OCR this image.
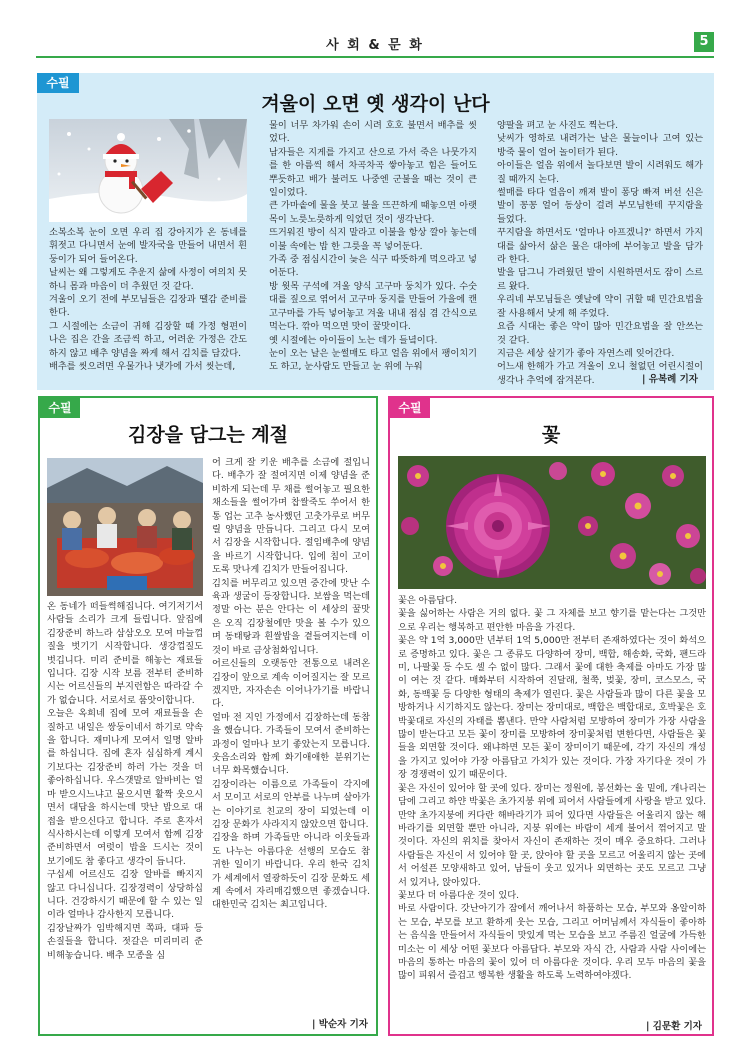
사 회 & 문 화	5
수필
겨울이 오면 옛 생각이 난다

소복소복 눈이 오면 우리 집 강아지가 온 동네를 휘젓고 다니면서 눈에 발자국을 만들어 내면서 흰둥이가 되어 들어온다.

날씨는 왜 그렇게도 추운지 삶에 사정이 여의치 못하니 몸과 마음이 더 추웠던 것 같다.

겨울이 오기 전에 부모님들은 김장과 땔감 준비를 한다.

그 시절에는 소금이 귀해 김장할 때 가정 형편이 나은 집은 간을 조금씩 하고, 어려운 가정은 간도 하지 않고 배추 양념을 짜게 해서 김치를 담갔다.

배추를 씻으려면 우물가나 냇가에 가서 씻는데,

물이 너무 차가워 손이 시려 호호 불면서 배추를 씻었다.

남자들은 지게를 가지고 산으로 가서 죽은 나뭇가지를 한 아름씩 해서 차곡차곡 쌓아놓고 힘은 들어도 뿌듯하고 배가 불러도 나중엔 군불을 때는 것이 큰 일이었다.

큰 가마솥에 물을 붓고 불을 뜨끈하게 때놓으면 아랫목이 노릇노릇하게 익었던 것이 생각난다.

뜨거워진 방이 식지 말라고 이불을 항상 깔아 놓는데 이불 속에는 밥 한 그릇을 꼭 넣어둔다.

가족 중 점심시간이 늦은 식구 따뜻하게 먹으라고 넣어둔다.

방 윗목 구석에 겨울 양식 고구마 둥치가 있다. 수숫대를 짚으로 엮어서 고구마 둥지를 만들어 가을에 캔 고구마를 가득 넣어놓고 겨울 내내 점심 겸 간식으로 먹는다. 깎아 먹으면 맛이 꿀맛이다.

옛 시절에는 아이들이 노는 데가 들녘이다.

눈이 오는 날은 눈썰매도 타고 얼음 위에서 팽이치기도 하고, 눈사람도 만들고 눈 위에 누워

양팔을 펴고 눈 사진도 찍는다.

낮씨가 영하로 내려가는 날은 물늘이나 고여 있는 방죽 물이 얼어 놀이터가 된다.

아이들은 얼음 위에서 놀다보면 발이 시려워도 해가 질 때까지 논다.

썰매를 타다 얼음이 깨져 발이 퐁당 빠져 버선 신은 발이 꽁꽁 얼어 동상이 걸려 부모님한테 꾸지람을 들었다.

꾸지람을 하면서도 '얼마나 아프겠니?' 하면서 가지 대를 삶아서 삶은 물은 대야에 부어놓고 발을 담가라 한다.

발을 담그니 가려웠던 발이 시원하면서도 잠이 스르르 왔다.

우리네 부모님들은 옛날에 약이 귀할 때 민간요법을 잘 사용해서 낫게 해 주었다.

요즘 시대는 좋은 약이 많아 민간요법을 잘 안쓰는 것 같다.

지금은 세상 살기가 좋아 자연스레 잊어간다.

어느새 한해가 가고 겨울이 오니 철없던 어린시절이 생각나 추억에 잠겨본다.	| 유복례 기자
수필
김장을 담그는 계절

온 동네가 떠들썩해집니다. 여기저기서 사람들 소리가 크게 들립니다. 앞집에 김장준비 하느라 삼삼오오 모여 마늘껍질을 벗기기 시작합니다. 생강껍질도 벗깁니다. 미리 준비를 해놓는 재료들입니다. 김장 시작 보름 전부터 준비하시는 어르신들의 부지런함은 따라갈 수가 없습니다. 서로서로 품앗이합니다.

오늘은 옥희네 집에 모여 재료들을 손질하고 내일은 쌍둥이네서 하기로 약속을 합니다. 재미나게 모여서 일명 알바를 하십니다. 집에 혼자 심심하게 계시기보다는 김장준비 하러 가는 것을 더 좋아하십니다. 우스갯말로 알바비는 얼마 받으시느냐고 물으시면 활짝 웃으시면서 대답을 하시는데 맛난 밥으로 대접을 받으신다고 합니다. 주로 혼자서 식사하시는데 이렇게 모여서 함께 김장준비하면서 여럿이 밥을 드시는 것이 보기에도 참 좋다고 생각이 듭니다.

구십세 어르신도 김장 알바를 빠지지 않고 다니십니다. 김장경력이 상당하십니다. 건강하시기 때문에 할 수 있는 일이라 얼마나 감사한지 모릅니다.

김장날짜가 임박해지면 쪽파, 대파 등 손질들을 합니다. 젓갈은 미리미리 준비해놓습니다. 배추 모종을 심

어 크게 잘 키운 배추를 소금에 절입니다. 배추가 잘 절여지면 이제 양념을 준비하게 되는데 무 채를 썰어놓고 필요한 채소들을 썰어가며 찹쌀죽도 쑤어서 한 통 업는 고추 농사했던 고춧가루로 버무릴 양념을 만듭니다. 그리고 다시 모여서 김장을 시작합니다. 절임배추에 양념을 바르기 시작합니다. 입에 침이 고이도록 맛나게 김치가 만들어집니다.

김치를 버무리고 있으면 중간에 맛난 수육과 생굴이 등장합니다. 보쌈을 먹는데 정말 아는 분은 안다는 이 세상의 꿀맛은 오직 김장철에만 맛을 볼 수가 있으며 동태탕과 흰쌀밥을 곁들여지는데 이것이 바로 금상첨화입니다.

어르신들의 오랫동안 전통으로 내려온 김장이 앞으로 계속 이어질지는 잘 모르겠지만, 자자손손 이어나가기를 바랍니다.

얼마 전 지인 가정에서 김장하는데 동참을 했습니다. 가족들이 모여서 준비하는 과정이 얼마나 보기 좋았는지 모릅니다. 웃음소리와 함께 화기애애한 분위기는 너무 화목했습니다.

김장이라는 이름으로 가족들이 각지에서 모이고 서로의 안부를 나누며 살아가는 이야기로 친교의 장이 되었는데 이 김장 문화가 사라지지 않았으면 합니다.

김장을 하며 가족들만 아니라 이웃들과도 나누는 아름다운 선행의 모습도 참 귀한 일이기 바랍니다. 우리 한국 김치가 세계에서 열광하듯이 김장 문화도 세계 속에서 자리매김했으면 좋겠습니다. 대한민국 김치는 최고입니다.

| 박순자 기자
수필
꽃

꽃은 아름답다.

꽃을 싫어하는 사람은 거의 없다. 꽃 그 자체를 보고 향기를 맡는다는 그것만으로 우리는 행복하고 편안한 마음을 가진다.

꽃은 약 1억 3,000만 년부터 1억 5,000만 전부터 존재하였다는 것이 화석으로 증명하고 있다. 꽃은 그 종류도 다양하여 장미, 백합, 해송화, 국화, 팬드라미, 나팔꽃 등 수도 셀 수 없이 많다. 그래서 꽃에 대한 축제를 아마도 가장 많이 여는 것 같다. 매화부터 시작하여 진달래, 철쭉, 벚꽃, 장미, 코스모스, 국화, 동백꽃 등 다양한 형태의 축제가 열린다. 꽃은 사람들과 많이 다른 꽃을 모방하거나 시기하지도 않는다. 장미는 장미대로, 백합은 백합대로, 호박꽃은 호박꽃대로 자신의 자태를 뽐낸다. 만약 사람처럼 모방하여 장미가 가장 사람을 많이 받는다고 모든 꽃이 장미를 모방하여 장미꽃처럼 변한다면, 사람들은 꽃들을 외면할 것이다. 왜냐하면 모든 꽃이 장미이기 때문에, 각기 자신의 개성을 가지고 있어야 가장 아름답고 가치가 있는 것이다. 가장 자기다운 것이 가장 경쟁력이 있기 때문이다.

꽃은 자신이 있어야 할 곳에 있다. 장미는 정원에, 봉선화는 울 밑에, 개나리는 담에 그리고 하얀 박꽃은 초가지붕 위에 피어서 사람들에게 사랑을 받고 있다. 만약 초가지붕에 커다란 해바라기가 피어 있다면 사람들은 어울리지 않는 해바라기를 외면할 뿐만 아니라, 지붕 위에는 바람이 세게 불어서 꺾어지고 말 것이다. 자신의 위치를 찾아서 자신이 존재하는 것이 매우 중요하다. 그러나 사람들은 자신이 서 있어야 할 곳, 앉아야 할 곳을 모르고 어울리지 않는 곳에서 어설픈 모양새하고 있어, 남들이 웃고 있거나 외면하는 곳도 모르고 그냥 서 있거나, 앉아있다.

꽃보다 더 아름다운 것이 있다.

바로 사람이다. 갓난아기가 잠에서 깨어나서 하품하는 모습, 부모와 옹알이하는 모습, 부모를 보고 환하게 웃는 모습, 그리고 어머님께서 자식들이 좋아하는 음식을 만들어서 자식들이 맛있게 먹는 모습을 보고 주름진 얼굴에 가득한 미소는 이 세상 어떤 꽃보다 아름답다. 부모와 자식 간, 사람과 사람 사이에는 마음의 통하는 마음의 꽃이 있어 더 아름다운 것이다. 우리 모두 마음의 꽃을 많이 피워서 즐겁고 행복한 생활을 하도록 노력하여야겠다.

| 김문환 기자
